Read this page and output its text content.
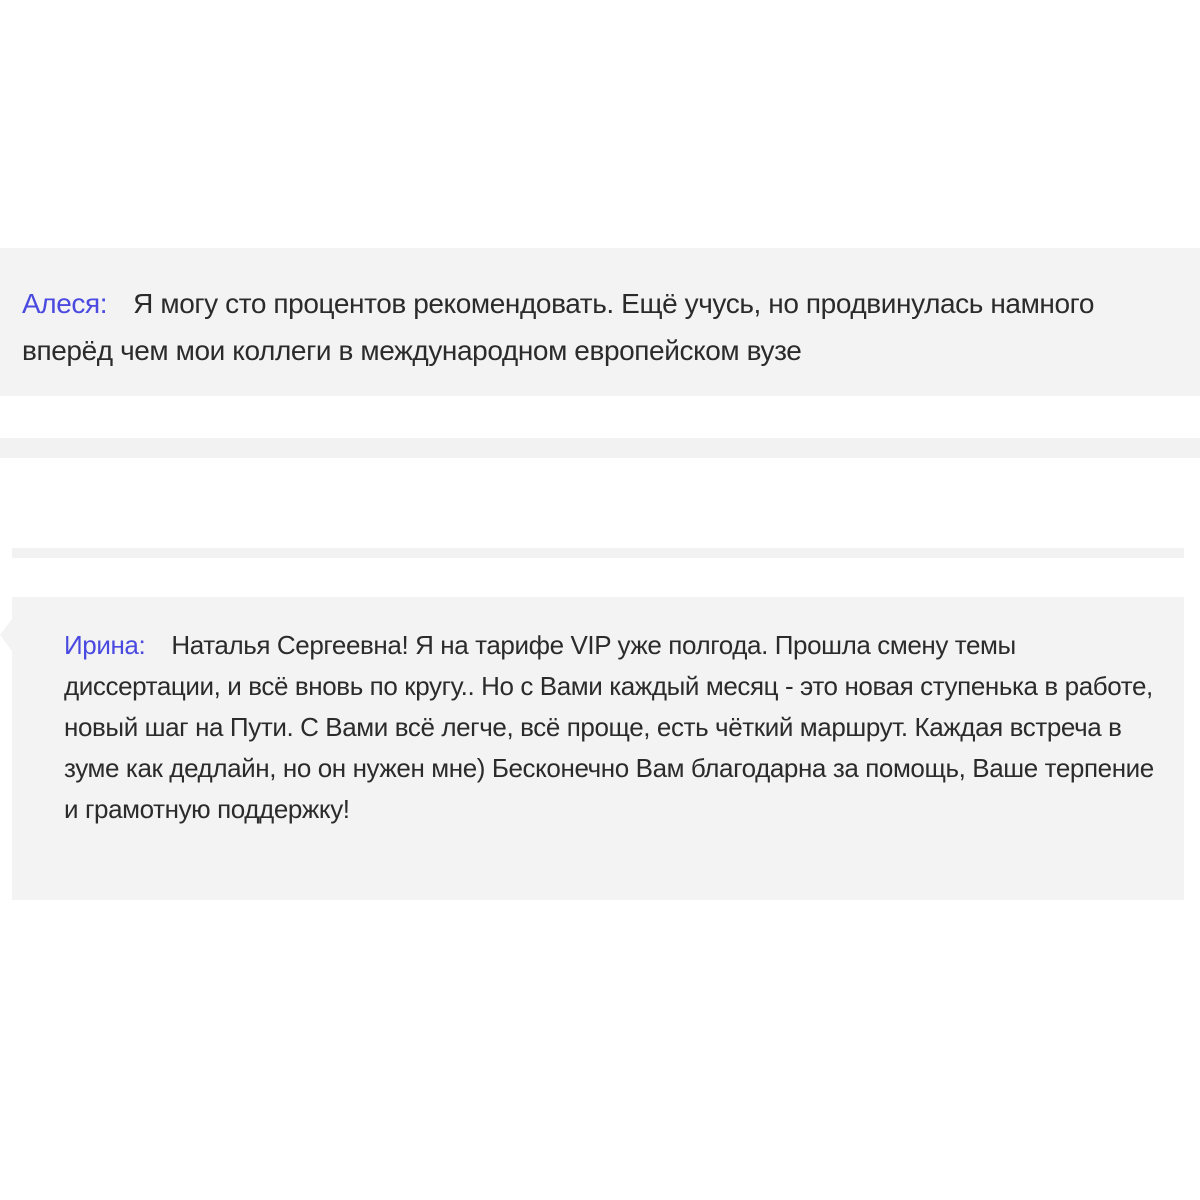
Алеся: Я могу сто процентов рекомендовать. Ещё учусь, но продвинулась намного вперёд чем мои коллеги в международном европейском вузе

Ирина: Наталья Сергеевна! Я на тарифе VIP уже полгода. Прошла смену темы диссертации, и всё вновь по кругу.. Но с Вами каждый месяц - это новая ступенька в работе, новый шаг на Пути. С Вами всё легче, всё проще, есть чёткий маршрут. Каждая встреча в зуме как дедлайн, но он нужен мне) Бесконечно Вам благодарна за помощь, Ваше терпение и грамотную поддержку!
